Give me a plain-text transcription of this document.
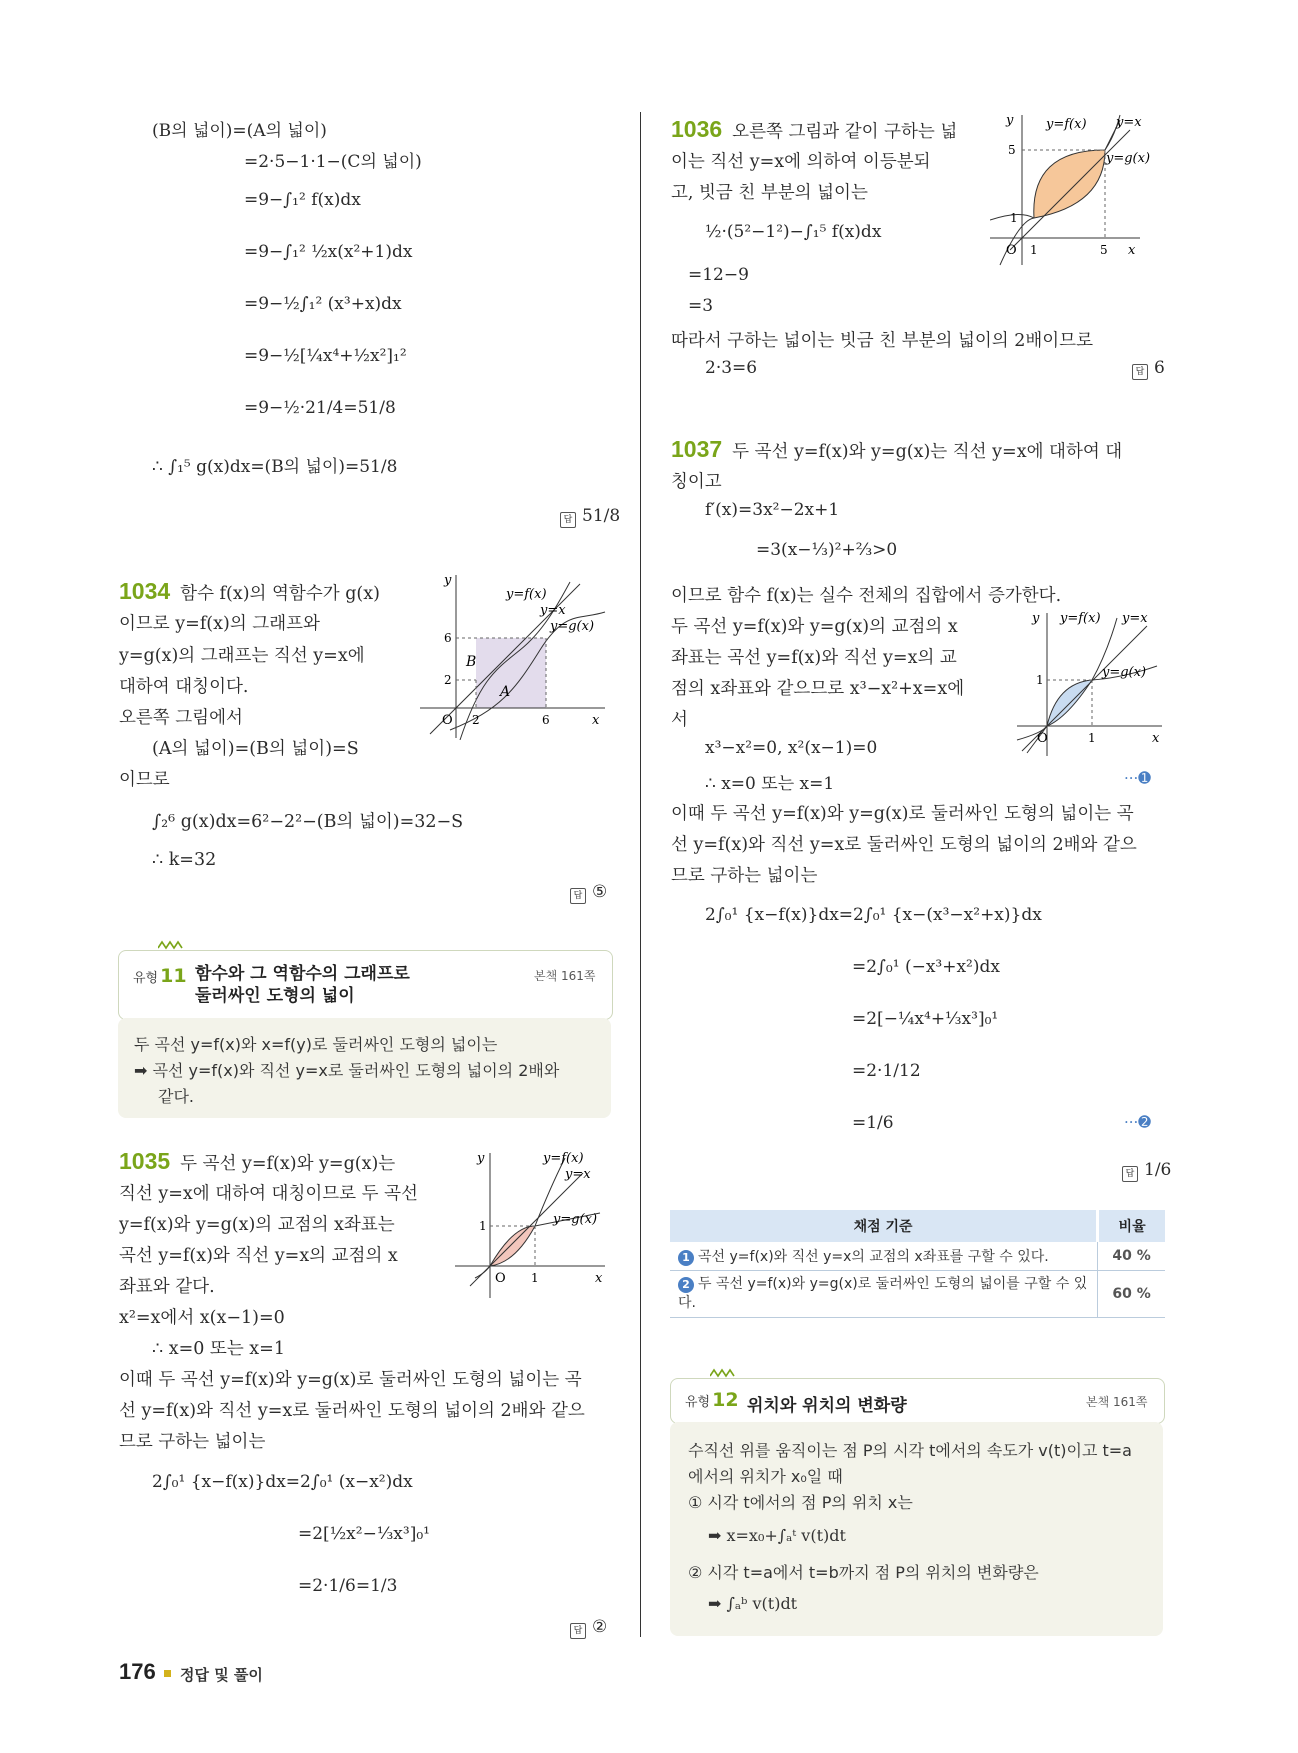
(B의 넓이)=(A의 넓이)
=2·5−1·1−(C의 넓이)
=9−∫₁² f(x)dx
=9−∫₁² ½x(x²+1)dx
=9−½∫₁² (x³+x)dx
=9−½[¼x⁴+½x²]₁²
=9−½·21/4=51/8
∴ ∫₁⁵ g(x)dx=(B의 넓이)=51/8
답 51/8
1034 함수 f(x)의 역함수가 g(x)
이므로 y=f(x)의 그래프와
y=g(x)의 그래프는 직선 y=x에
대하여 대칭이다.
오른쪽 그림에서
(A의 넓이)=(B의 넓이)=S
이므로
∫₂⁶ g(x)dx=6²−2²−(B의 넓이)=32−S
∴ k=32
답 ⑤
y
y=f(x)
y=x
y=g(x)
6
2
B
A
O 2	6	x
유형 11 함수와 그 역함수의 그래프로
둘러싸인 도형의 넓이
본책 161쪽
두 곡선 y=f(x)와 x=f(y)로 둘러싸인 도형의 넓이는
➡ 곡선 y=f(x)와 직선 y=x로 둘러싸인 도형의 넓이의 2배와
같다.
1035 두 곡선 y=f(x)와 y=g(x)는
직선 y=x에 대하여 대칭이므로 두 곡선
y=f(x)와 y=g(x)의 교점의 x좌표는
곡선 y=f(x)와 직선 y=x의 교점의 x
좌표와 같다.
x²=x에서 x(x−1)=0
∴ x=0 또는 x=1
이때 두 곡선 y=f(x)와 y=g(x)로 둘러싸인 도형의 넓이는 곡
선 y=f(x)와 직선 y=x로 둘러싸인 도형의 넓이의 2배와 같으
므로 구하는 넓이는
2∫₀¹ {x−f(x)}dx=2∫₀¹ (x−x²)dx
=2[½x²−⅓x³]₀¹
=2·1/6=1/3
답 ②
y	y=f(x)
y=x
y=g(x)
1
O 1	x
1036 오른쪽 그림과 같이 구하는 넓
이는 직선 y=x에 의하여 이등분되
고, 빗금 친 부분의 넓이는
½·(5²−1²)−∫₁⁵ f(x)dx
=12−9
=3
따라서 구하는 넓이는 빗금 친 부분의 넓이의 2배이므로
2·3=6	답 6
y	y=f(x) y=x
y=g(x)
5
1
O 1	5 x
1037 두 곡선 y=f(x)와 y=g(x)는 직선 y=x에 대하여 대
칭이고
f′(x)=3x²−2x+1
=3(x−⅓)²+⅔>0
이므로 함수 f(x)는 실수 전체의 집합에서 증가한다.
두 곡선 y=f(x)와 y=g(x)의 교점의 x
좌표는 곡선 y=f(x)와 직선 y=x의 교
점의 x좌표와 같으므로 x³−x²+x=x에
서
x³−x²=0, x²(x−1)=0
∴ x=0 또는 x=1	···➊
이때 두 곡선 y=f(x)와 y=g(x)로 둘러싸인 도형의 넓이는 곡
선 y=f(x)와 직선 y=x로 둘러싸인 도형의 넓이의 2배와 같으
므로 구하는 넓이는
2∫₀¹ {x−f(x)}dx=2∫₀¹ {x−(x³−x²+x)}dx
=2∫₀¹ (−x³+x²)dx
=2[−¼x⁴+⅓x³]₀¹
=2·1/12
=1/6	···➋
답 1/6
y y=f(x) y=x
y=g(x)
1
O	1	x
채점 기준	비율
1 곡선 y=f(x)와 직선 y=x의 교점의 x좌표를 구할 수 있다.	40 %
2 두 곡선 y=f(x)와 y=g(x)로 둘러싸인 도형의 넓이를 구할 수 있다.	60 %
유형 12 위치와 위치의 변화량	본책 161쪽
수직선 위를 움직이는 점 P의 시각 t에서의 속도가 v(t)이고 t=a
에서의 위치가 x₀일 때
① 시각 t에서의 점 P의 위치 x는
➡ x=x₀+∫ₐᵗ v(t)dt
② 시각 t=a에서 t=b까지 점 P의 위치의 변화량은
➡ ∫ₐᵇ v(t)dt
176 정답 및 풀이
